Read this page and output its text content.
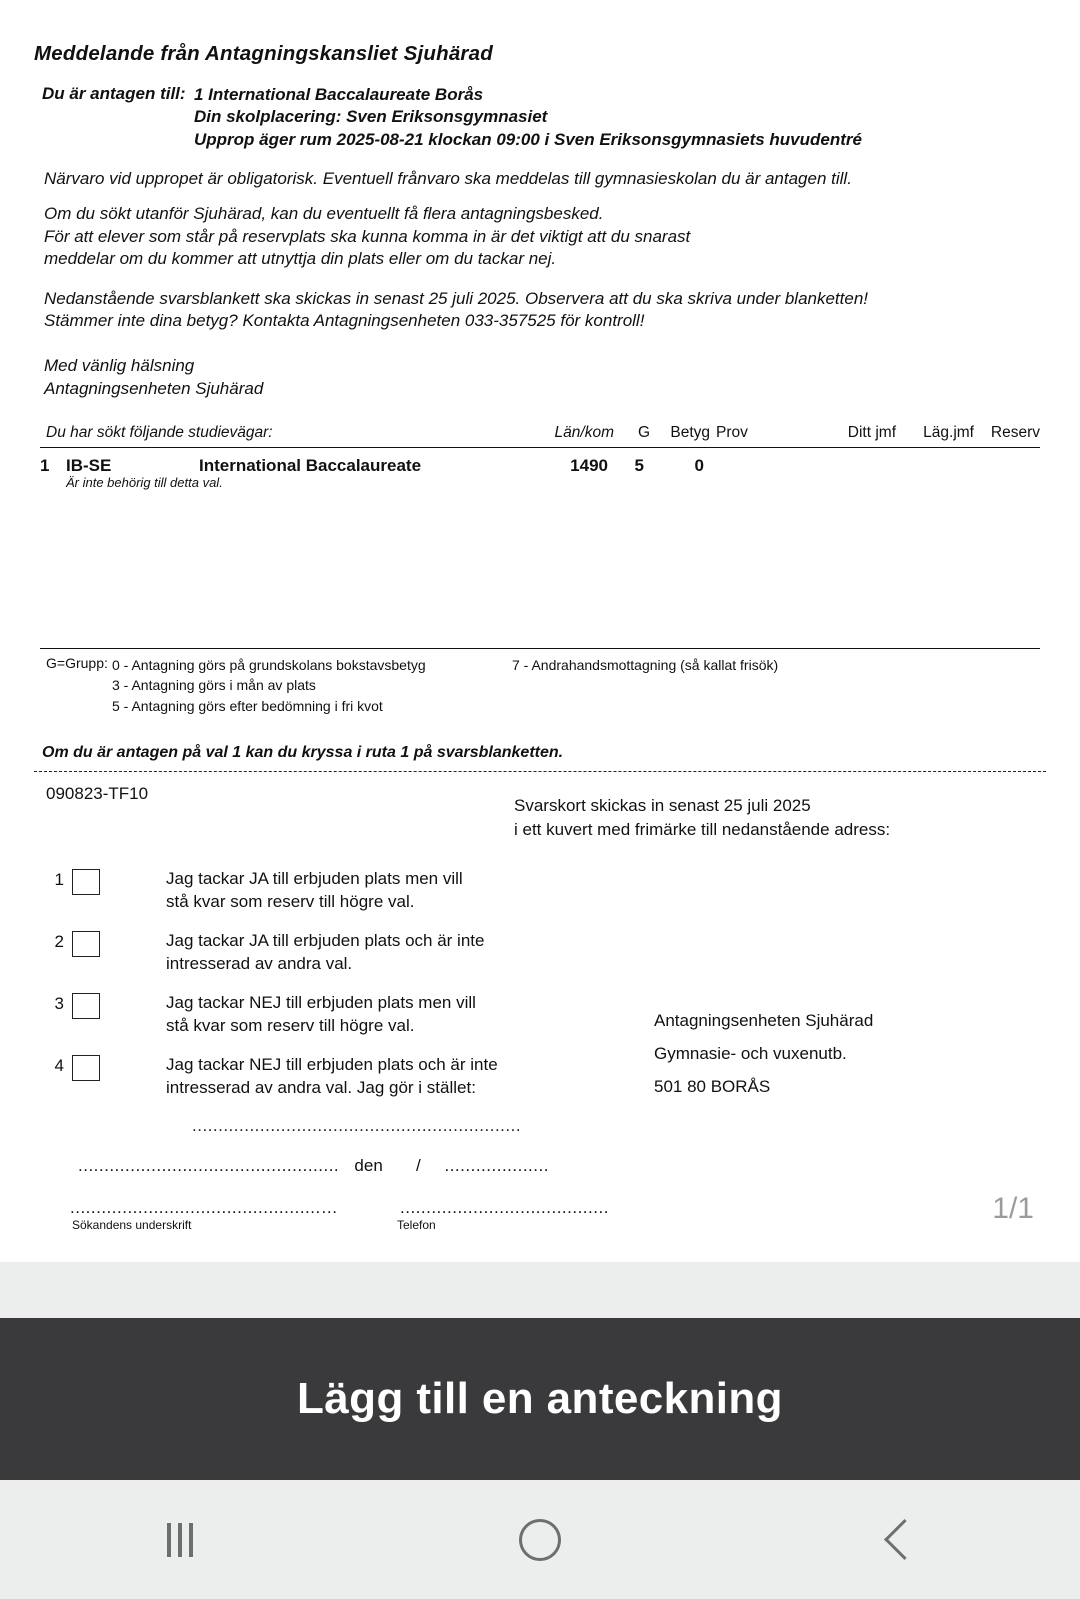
Meddelande från Antagningskansliet Sjuhärad
Du är antagen till: 1 International Baccalaureate Borås
Din skolplacering: Sven Eriksonsgymnasiet
Upprop äger rum 2025-08-21 klockan 09:00 i Sven Eriksonsgymnasiets huvudentré
Närvaro vid uppropet är obligatorisk. Eventuell frånvaro ska meddelas till gymnasieskolan du är antagen till.
Om du sökt utanför Sjuhärad, kan du eventuellt få flera antagningsbesked.
För att elever som står på reservplats ska kunna komma in är det viktigt att du snarast
meddelar om du kommer att utnyttja din plats eller om du tackar nej.
Nedanstående svarsblankett ska skickas in senast 25 juli 2025. Observera att du ska skriva under blanketten!
Stämmer inte dina betyg? Kontakta Antagningsenheten 033-357525 för kontroll!
Med vänlig hälsning
Antagningsenheten Sjuhärad
Du har sökt följande studievägar:	Län/kom	G	Betyg Prov	Ditt jmf	Läg.jmf	Reserv
1 IB-SE	International Baccalaureate	1490	5	0
Är inte behörig till detta val.
G=Grupp: 0 - Antagning görs på grundskolans bokstavsbetyg
3 - Antagning görs i mån av plats
5 - Antagning görs efter bedömning i fri kvot
7 - Andrahandsmottagning (så kallat frisök)
Om du är antagen på val 1 kan du kryssa i ruta 1 på svarsblanketten.
090823-TF10
Svarskort skickas in senast 25 juli 2025
i ett kuvert med frimärke till nedanstående adress:
1	Jag tackar JA till erbjuden plats men vill
stå kvar som reserv till högre val.
2	Jag tackar JA till erbjuden plats och är inte
intresserad av andra val.
3	Jag tackar NEJ till erbjuden plats men vill
stå kvar som reserv till högre val.
4	Jag tackar NEJ till erbjuden plats och är inte
intresserad av andra val. Jag gör i stället:
Antagningsenheten Sjuhärad
Gymnasie- och vuxenutb.
501 80 BORÅS
...............................................................
.................................................. den / ....................
................................................…	........................................
Sökandens underskrift	Telefon	1/1
Lägg till en anteckning
